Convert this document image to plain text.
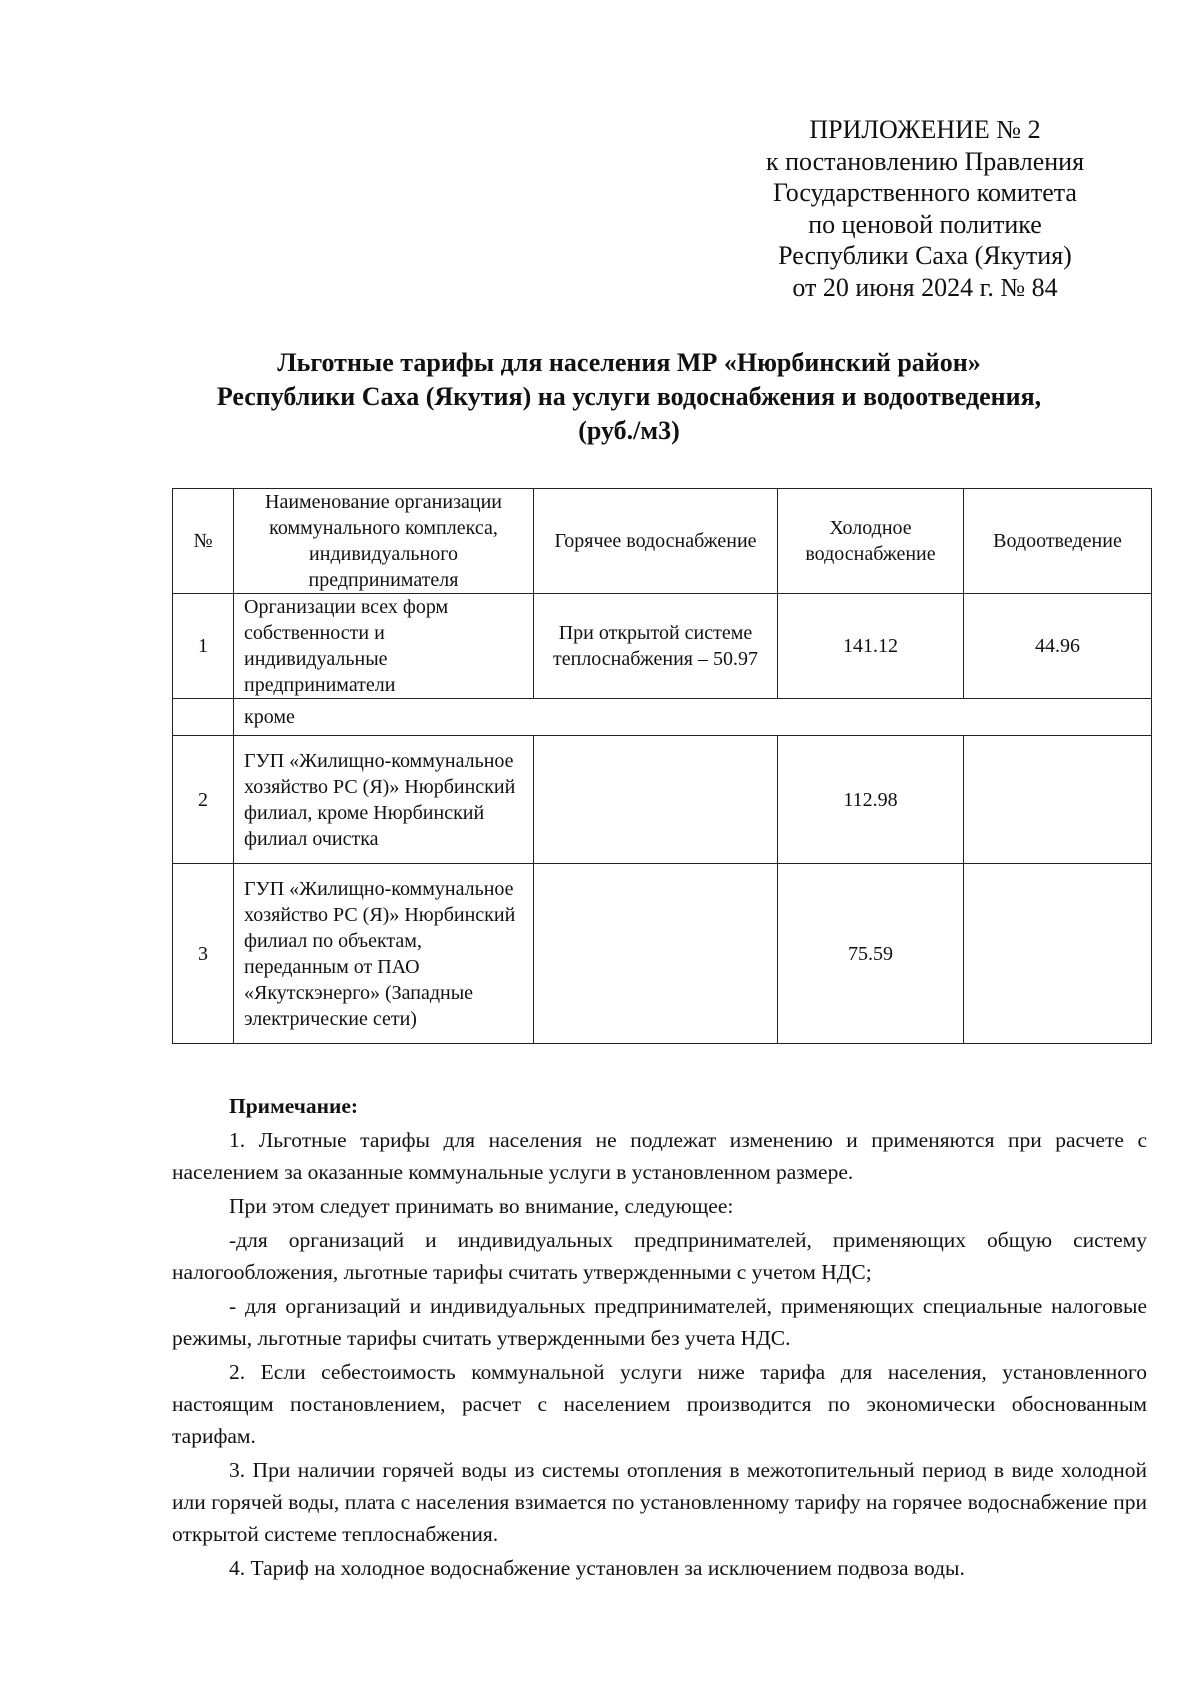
ПРИЛОЖЕНИЕ № 2
к постановлению Правления
Государственного комитета
по ценовой политике
Республики Саха (Якутия)
от 20 июня 2024 г. № 84
Льготные тарифы для населения МР «Нюрбинский район»
Республики Саха (Якутия) на услуги водоснабжения и водоотведения,
(руб./м3)
№	Наименование организации коммунального комплекса, индивидуального предпринимателя	Горячее водоснабжение	Холодное водоснабжение	Водоотведение
1	Организации всех форм собственности и индивидуальные предприниматели	При открытой системе теплоснабжения – 50.97	141.12	44.96
	кроме			
2	ГУП «Жилищно-коммунальное хозяйство РС (Я)» Нюрбинский филиал, кроме Нюрбинский филиал очистка		112.98	
3	ГУП «Жилищно-коммунальное хозяйство РС (Я)» Нюрбинский филиал по объектам, переданным от ПАО «Якутскэнерго» (Западные электрические сети)		75.59	

Примечание:

1. Льготные тарифы для населения не подлежат изменению и применяются при расчете с населением за оказанные коммунальные услуги в установленном размере.

При этом следует принимать во внимание, следующее:

-для организаций и индивидуальных предпринимателей, применяющих общую систему налогообложения, льготные тарифы считать утвержденными с учетом НДС;

- для организаций и индивидуальных предпринимателей, применяющих специальные налоговые режимы, льготные тарифы считать утвержденными без учета НДС.

2. Если себестоимость коммунальной услуги ниже тарифа для населения, установленного настоящим постановлением, расчет с населением производится по экономически обоснованным тарифам.

3. При наличии горячей воды из системы отопления в межотопительный период в виде холодной или горячей воды, плата с населения взимается по установленному тарифу на горячее водоснабжение при открытой системе теплоснабжения.

4. Тариф на холодное водоснабжение установлен за исключением подвоза воды.
